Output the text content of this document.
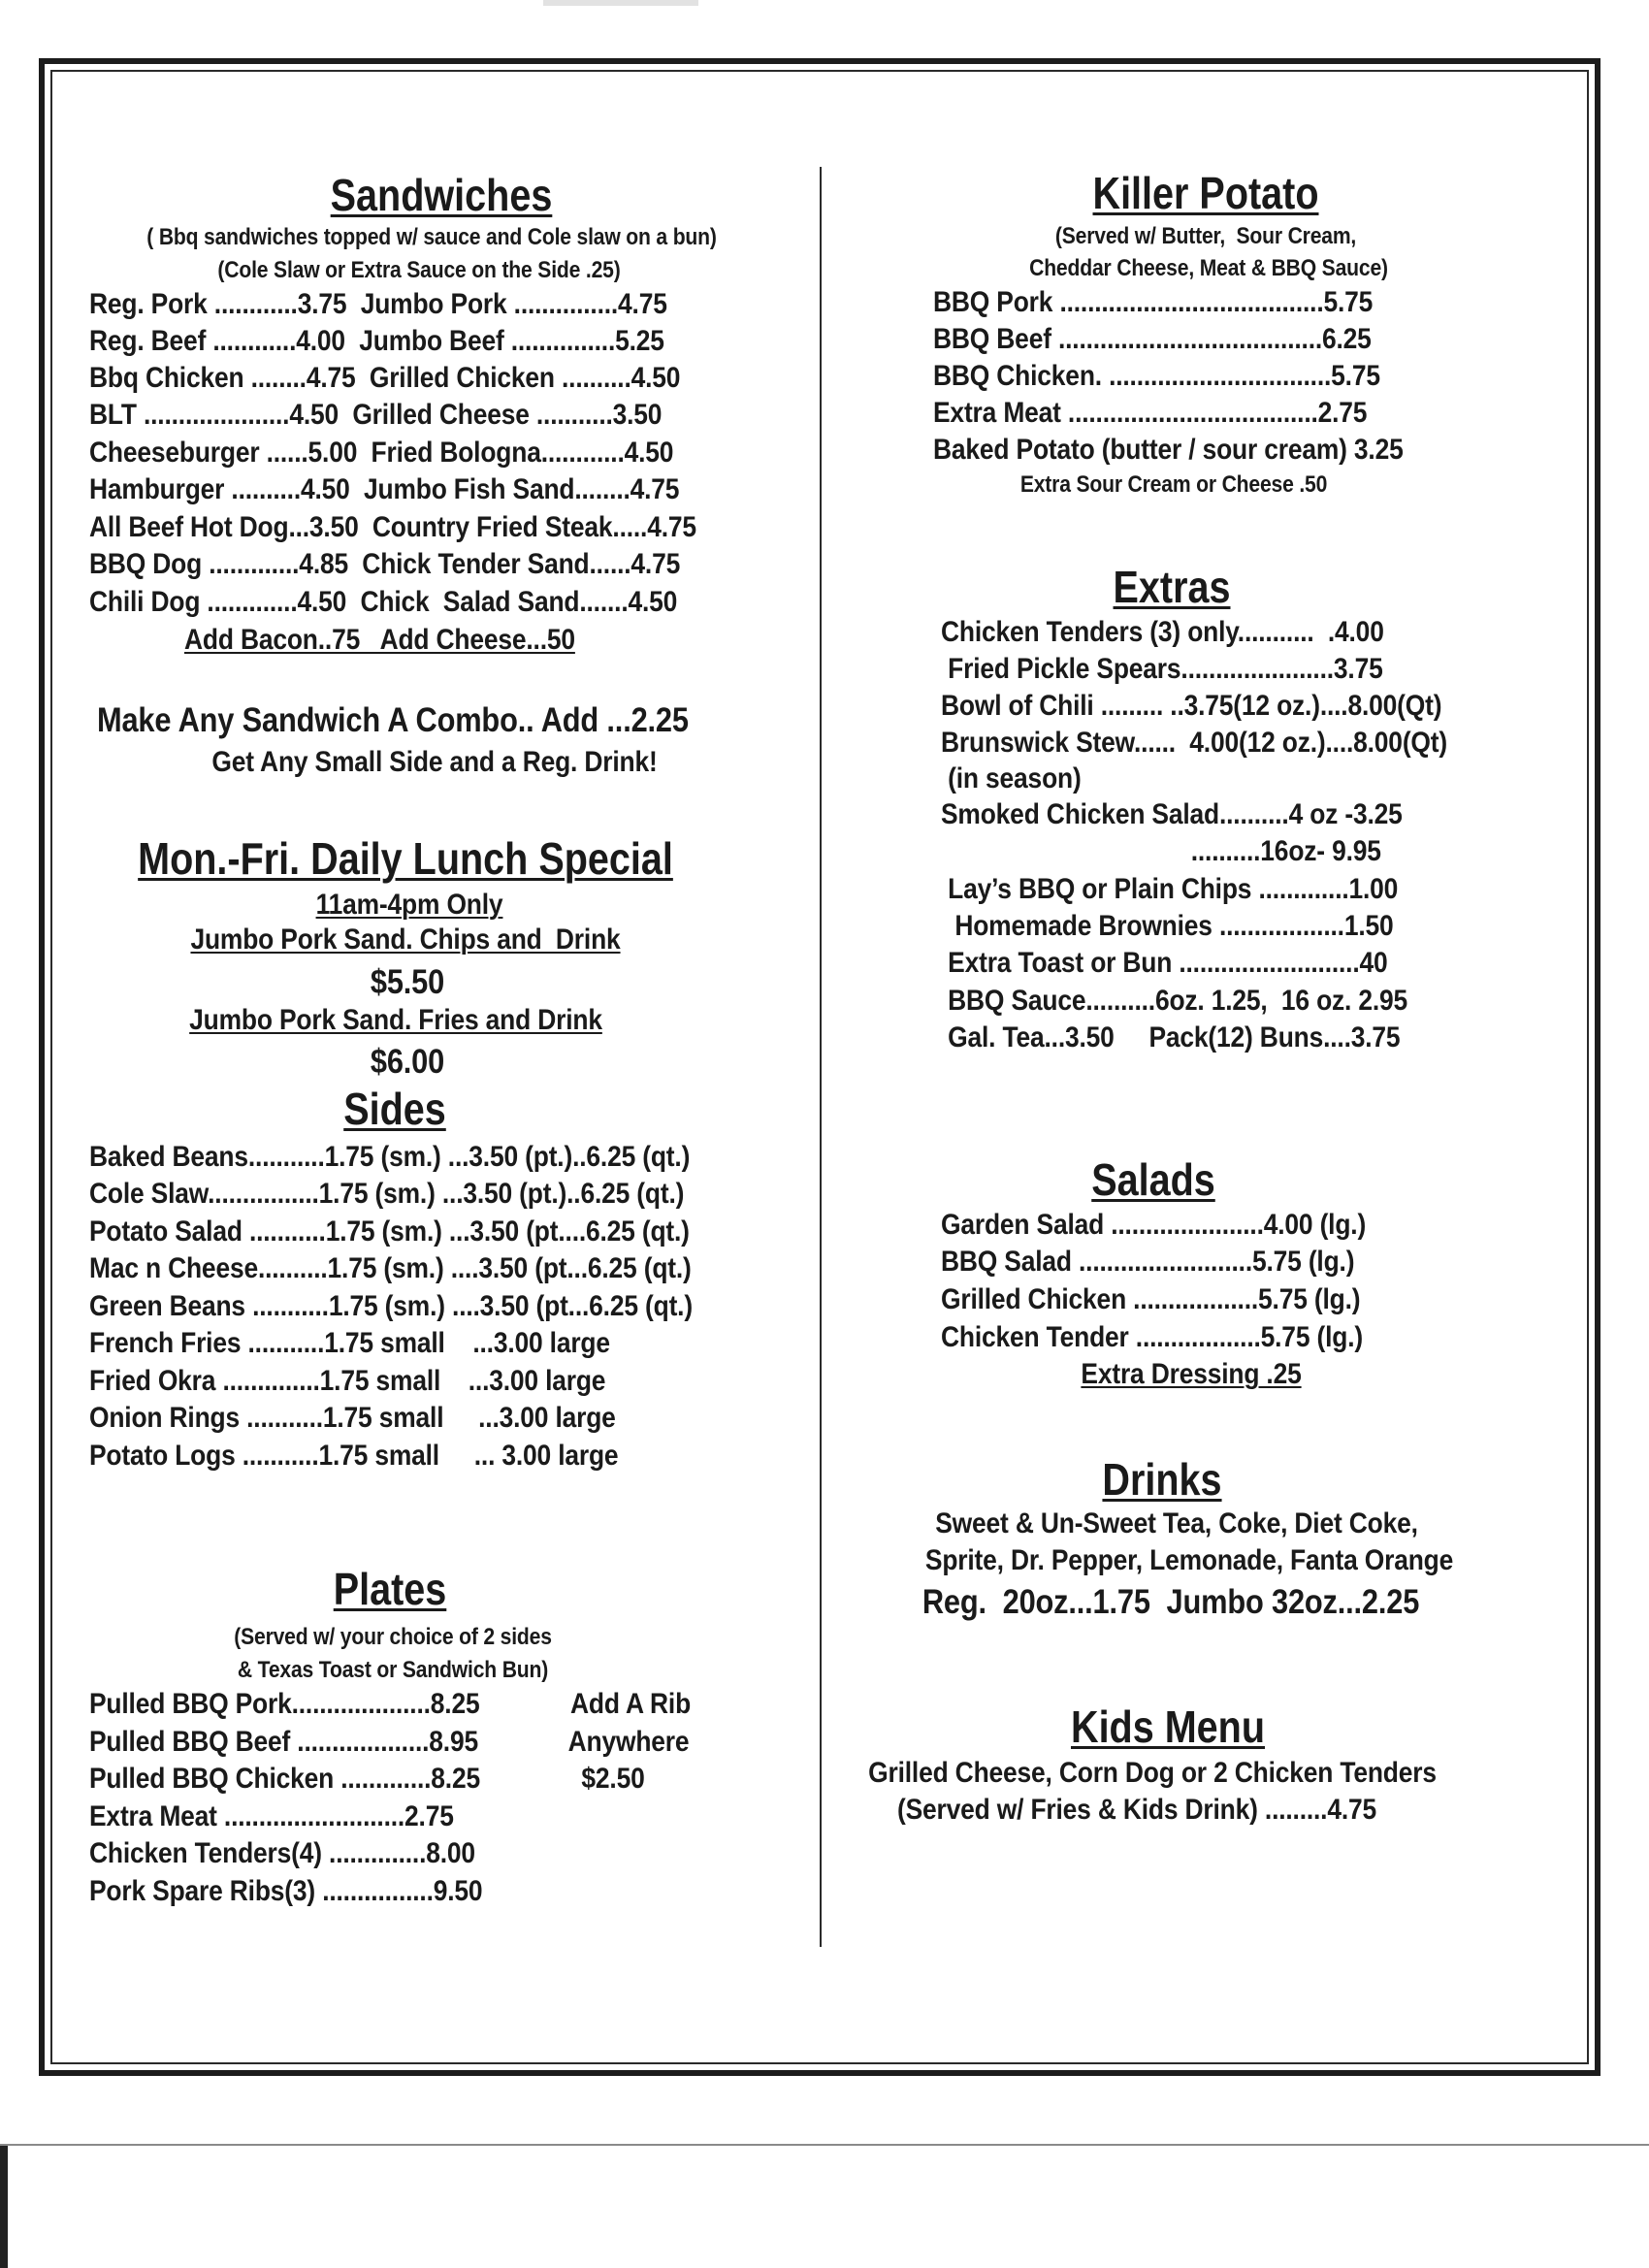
Sandwiches
( Bbq sandwiches topped w/ sauce and Cole slaw on a bun)
(Cole Slaw or Extra Sauce on the Side .25)
Reg. Pork ............3.75  Jumbo Pork ...............4.75
Reg. Beef ............4.00  Jumbo Beef ...............5.25
Bbq Chicken ........4.75  Grilled Chicken ..........4.50
BLT .....................4.50  Grilled Cheese ...........3.50
Cheeseburger ......5.00  Fried Bologna............4.50
Hamburger ..........4.50  Jumbo Fish Sand........4.75
All Beef Hot Dog...3.50  Country Fried Steak.....4.75
BBQ Dog .............4.85  Chick Tender Sand......4.75
Chili Dog .............4.50  Chick  Salad Sand.......4.50
Add Bacon..75   Add Cheese...50
Make Any Sandwich A Combo.. Add ...2.25
Get Any Small Side and a Reg. Drink!
Mon.-Fri. Daily Lunch Special
11am-4pm Only
Jumbo Pork Sand. Chips and  Drink
$5.50
Jumbo Pork Sand. Fries and Drink
$6.00
Sides
Baked Beans...........1.75 (sm.) ...3.50 (pt.)..6.25 (qt.)
Cole Slaw................1.75 (sm.) ...3.50 (pt.)..6.25 (qt.)
Potato Salad ...........1.75 (sm.) ...3.50 (pt....6.25 (qt.)
Mac n Cheese..........1.75 (sm.) ....3.50 (pt...6.25 (qt.)
Green Beans ...........1.75 (sm.) ....3.50 (pt...6.25 (qt.)
French Fries ...........1.75 small    ...3.00 large
Fried Okra ..............1.75 small    ...3.00 large
Onion Rings ...........1.75 small     ...3.00 large
Potato Logs ...........1.75 small     ... 3.00 large
Plates
(Served w/ your choice of 2 sides
& Texas Toast or Sandwich Bun)
Pulled BBQ Pork....................8.25
Pulled BBQ Beef ...................8.95
Pulled BBQ Chicken .............8.25
Extra Meat ..........................2.75
Chicken Tenders(4) ..............8.00
Pork Spare Ribs(3) ................9.50
Add A Rib
Anywhere
$2.50
Killer Potato
(Served w/ Butter,  Sour Cream,
Cheddar Cheese, Meat & BBQ Sauce)
BBQ Pork ......................................5.75
BBQ Beef ......................................6.25
BBQ Chicken. ................................5.75
Extra Meat ....................................2.75
Baked Potato (butter / sour cream) 3.25
Extra Sour Cream or Cheese .50
Extras
Chicken Tenders (3) only...........  .4.00
Fried Pickle Spears......................3.75
Bowl of Chili ......... ..3.75(12 oz.)....8.00(Qt)
Brunswick Stew......  4.00(12 oz.)....8.00(Qt)
(in season)
Smoked Chicken Salad..........4 oz -3.25
..........16oz- 9.95
Lay’s BBQ or Plain Chips .............1.00
Homemade Brownies ..................1.50
Extra Toast or Bun ..........................40
BBQ Sauce..........6oz. 1.25,  16 oz. 2.95
Gal. Tea...3.50     Pack(12) Buns....3.75
Salads
Garden Salad ......................4.00 (lg.)
BBQ Salad .........................5.75 (lg.)
Grilled Chicken ..................5.75 (lg.)
Chicken Tender ..................5.75 (lg.)
Extra Dressing .25
Drinks
Sweet & Un-Sweet Tea, Coke, Diet Coke,
Sprite, Dr. Pepper, Lemonade, Fanta Orange
Reg.  20oz...1.75  Jumbo 32oz...2.25
Kids Menu
Grilled Cheese, Corn Dog or 2 Chicken Tenders
(Served w/ Fries & Kids Drink) .........4.75
